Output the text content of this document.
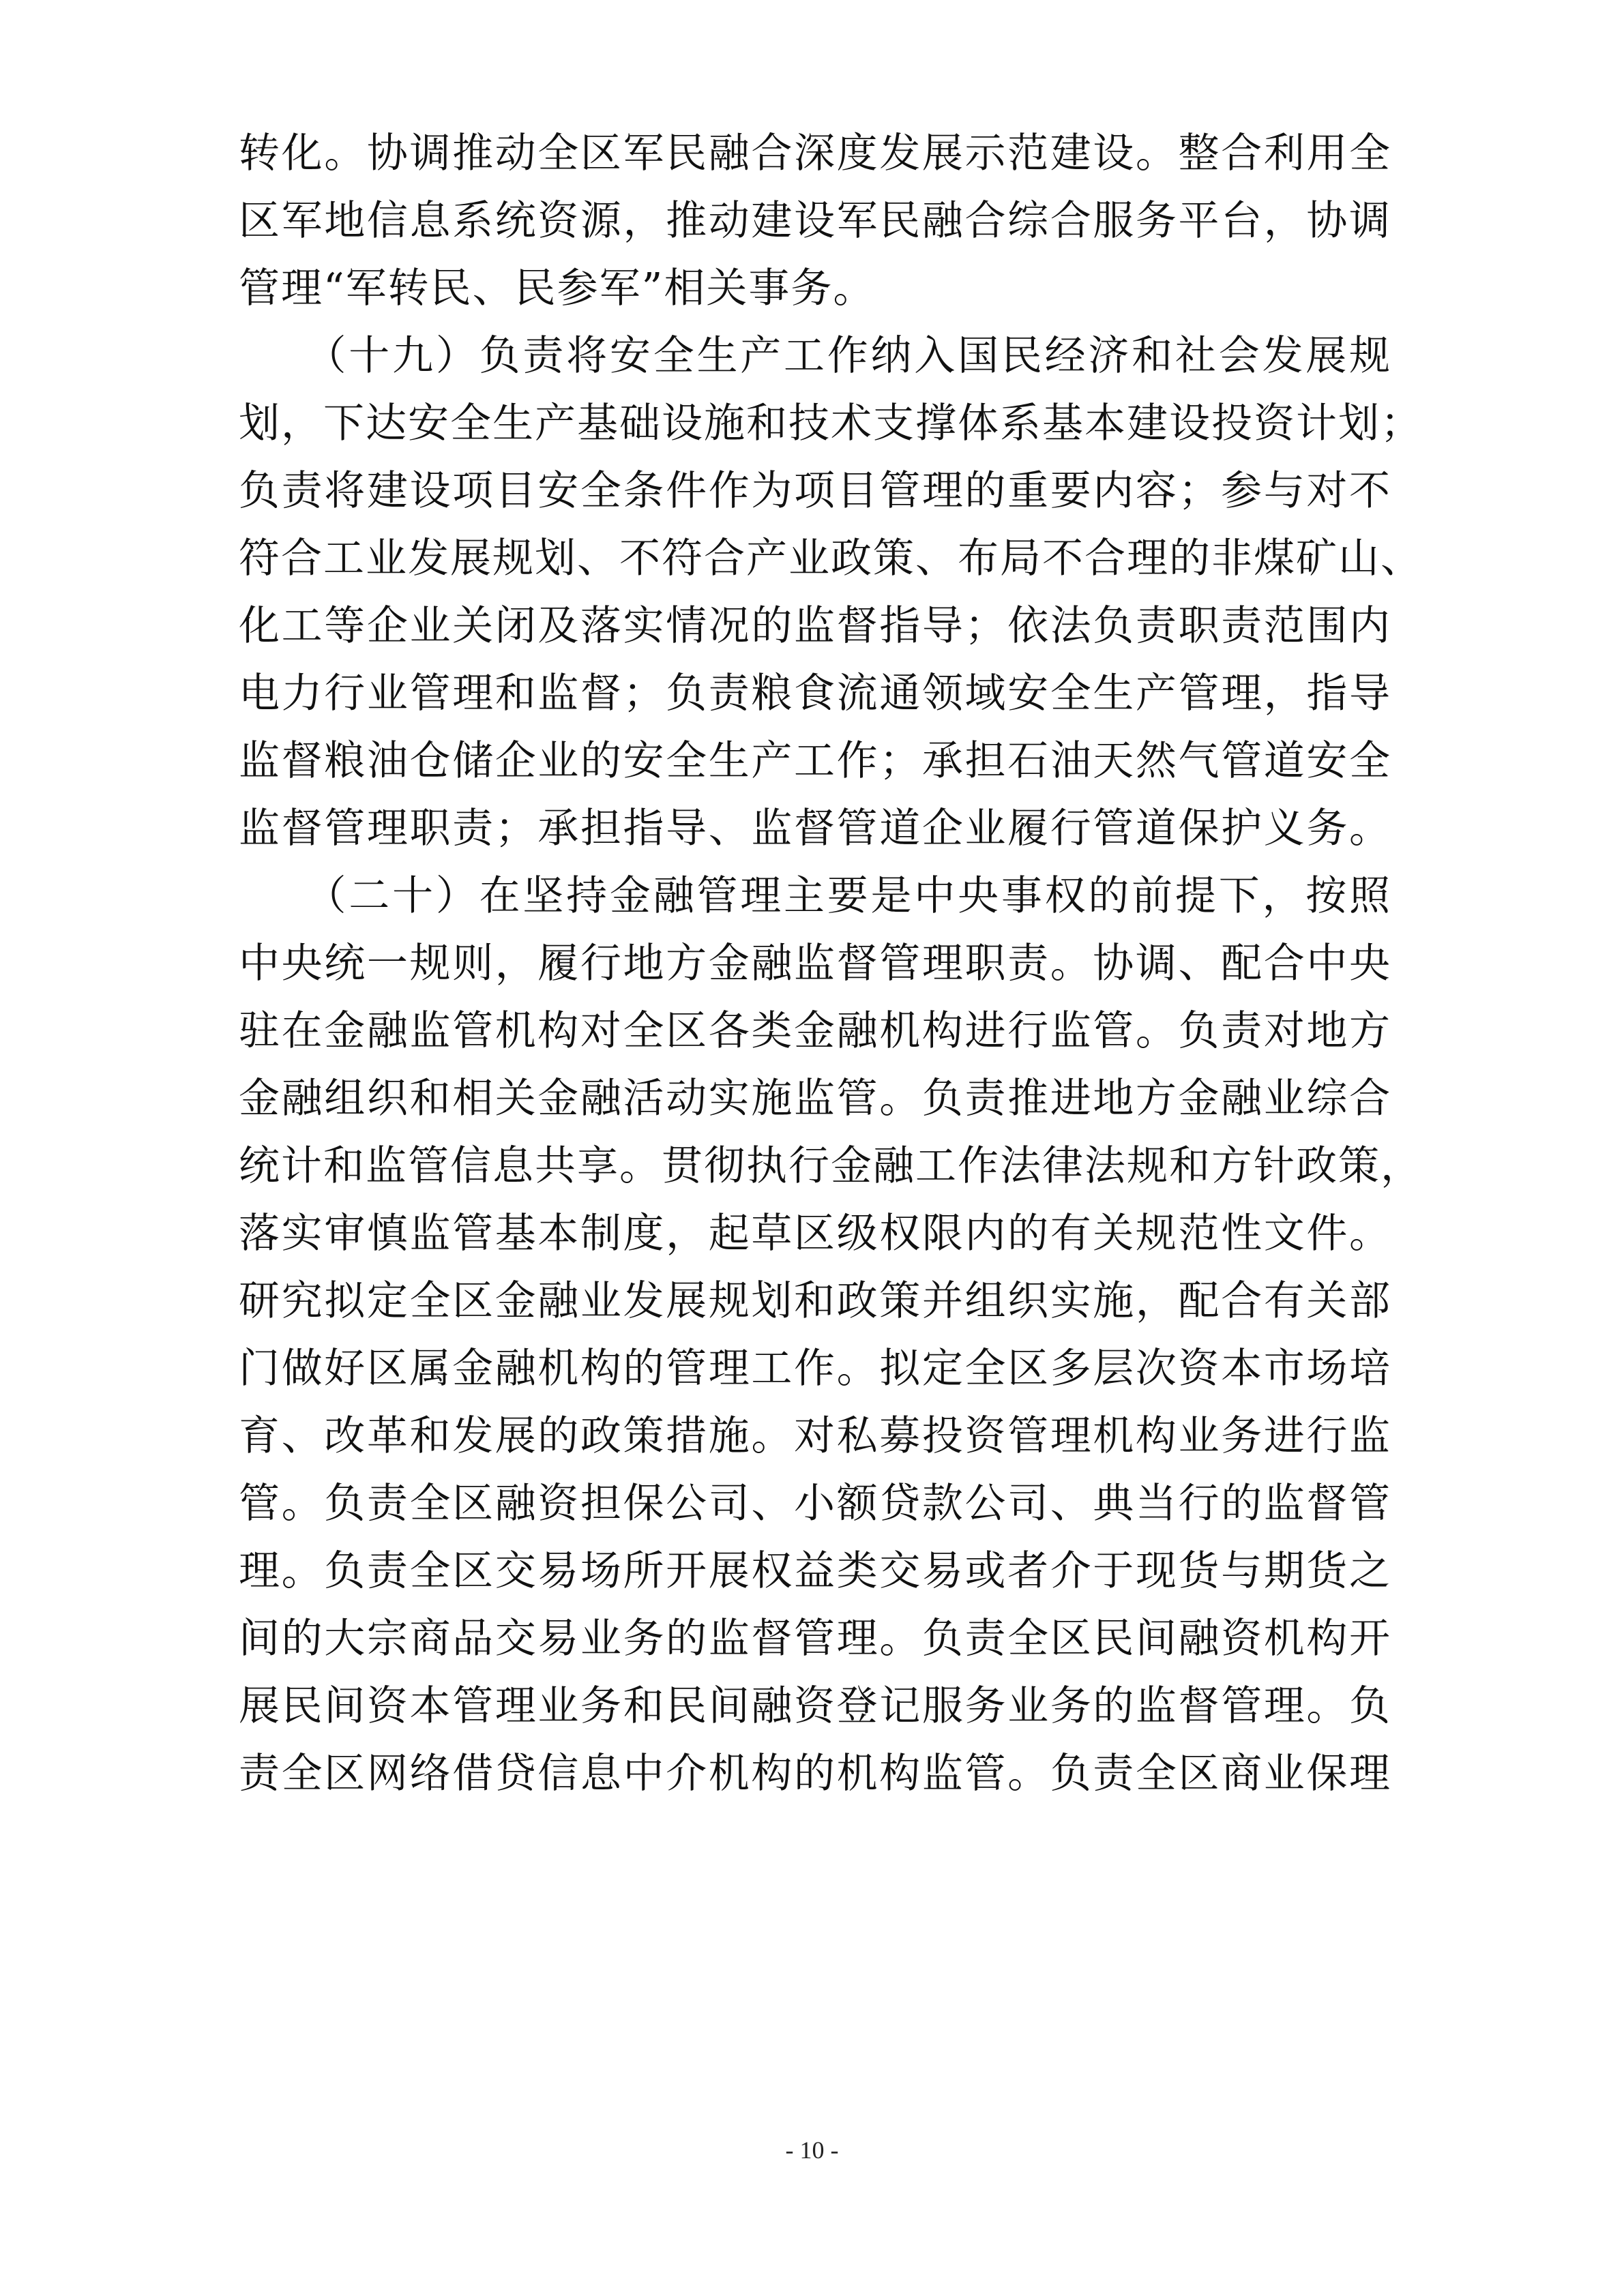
转化。协调推动全区军民融合深度发展示范建设。整合利用全
区军地信息系统资源，推动建设军民融合综合服务平台，协调
管理“军转民、民参军”相关事务。
　　（十九）负责将安全生产工作纳入国民经济和社会发展规
划，下达安全生产基础设施和技术支撑体系基本建设投资计划；
负责将建设项目安全条件作为项目管理的重要内容；参与对不
符合工业发展规划、不符合产业政策、布局不合理的非煤矿山、
化工等企业关闭及落实情况的监督指导；依法负责职责范围内
电力行业管理和监督；负责粮食流通领域安全生产管理，指导
监督粮油仓储企业的安全生产工作；承担石油天然气管道安全
监督管理职责；承担指导、监督管道企业履行管道保护义务。
　　（二十）在坚持金融管理主要是中央事权的前提下，按照
中央统一规则，履行地方金融监督管理职责。协调、配合中央
驻在金融监管机构对全区各类金融机构进行监管。负责对地方
金融组织和相关金融活动实施监管。负责推进地方金融业综合
统计和监管信息共享。贯彻执行金融工作法律法规和方针政策，
落实审慎监管基本制度，起草区级权限内的有关规范性文件。
研究拟定全区金融业发展规划和政策并组织实施，配合有关部
门做好区属金融机构的管理工作。拟定全区多层次资本市场培
育、改革和发展的政策措施。对私募投资管理机构业务进行监
管。负责全区融资担保公司、小额贷款公司、典当行的监督管
理。负责全区交易场所开展权益类交易或者介于现货与期货之
间的大宗商品交易业务的监督管理。负责全区民间融资机构开
展民间资本管理业务和民间融资登记服务业务的监督管理。负
责全区网络借贷信息中介机构的机构监管。负责全区商业保理
- 10 -
